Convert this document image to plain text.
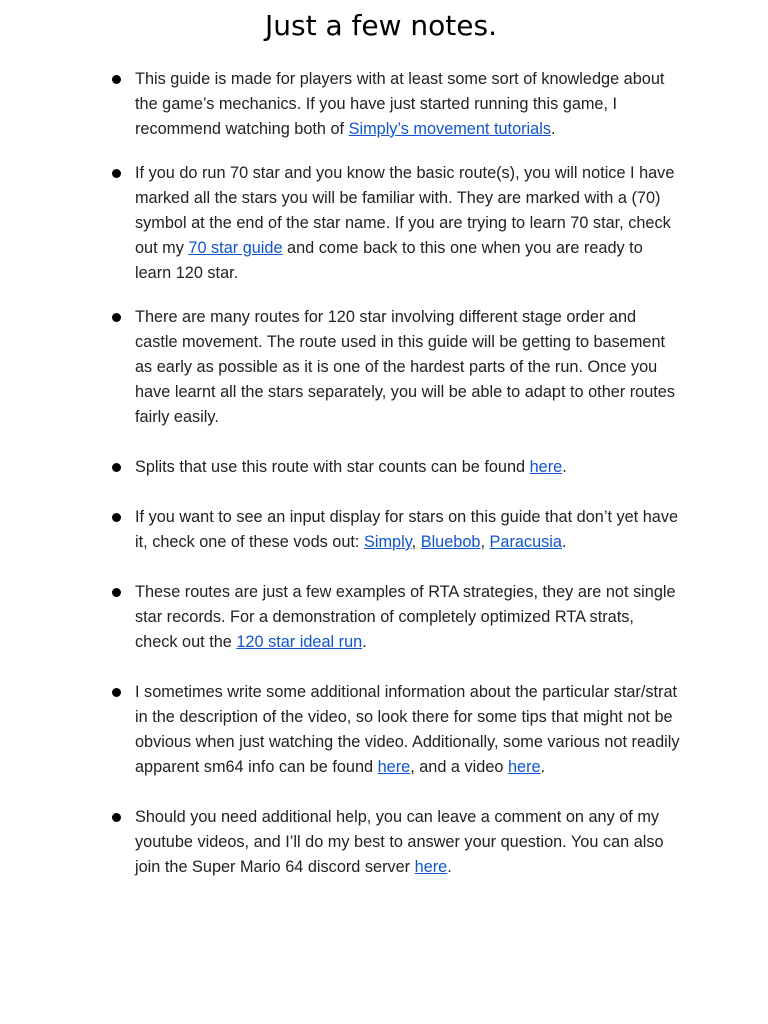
Just a few notes.
This guide is made for players with at least some sort of knowledge about the game’s mechanics. If you have just started running this game, I recommend watching both of Simply’s movement tutorials.
If you do run 70 star and you know the basic route(s), you will notice I have marked all the stars you will be familiar with. They are marked with a (70) symbol at the end of the star name. If you are trying to learn 70 star, check out my 70 star guide and come back to this one when you are ready to learn 120 star.
There are many routes for 120 star involving different stage order and castle movement. The route used in this guide will be getting to basement as early as possible as it is one of the hardest parts of the run. Once you have learnt all the stars separately, you will be able to adapt to other routes fairly easily.
Splits that use this route with star counts can be found here.
If you want to see an input display for stars on this guide that don’t yet have it, check one of these vods out: Simply, Bluebob, Paracusia.
These routes are just a few examples of RTA strategies, they are not single star records. For a demonstration of completely optimized RTA strats, check out the 120 star ideal run.
I sometimes write some additional information about the particular star/strat in the description of the video, so look there for some tips that might not be obvious when just watching the video. Additionally, some various not readily apparent sm64 info can be found here, and a video here.
Should you need additional help, you can leave a comment on any of my youtube videos, and I’ll do my best to answer your question. You can also join the Super Mario 64 discord server here.
